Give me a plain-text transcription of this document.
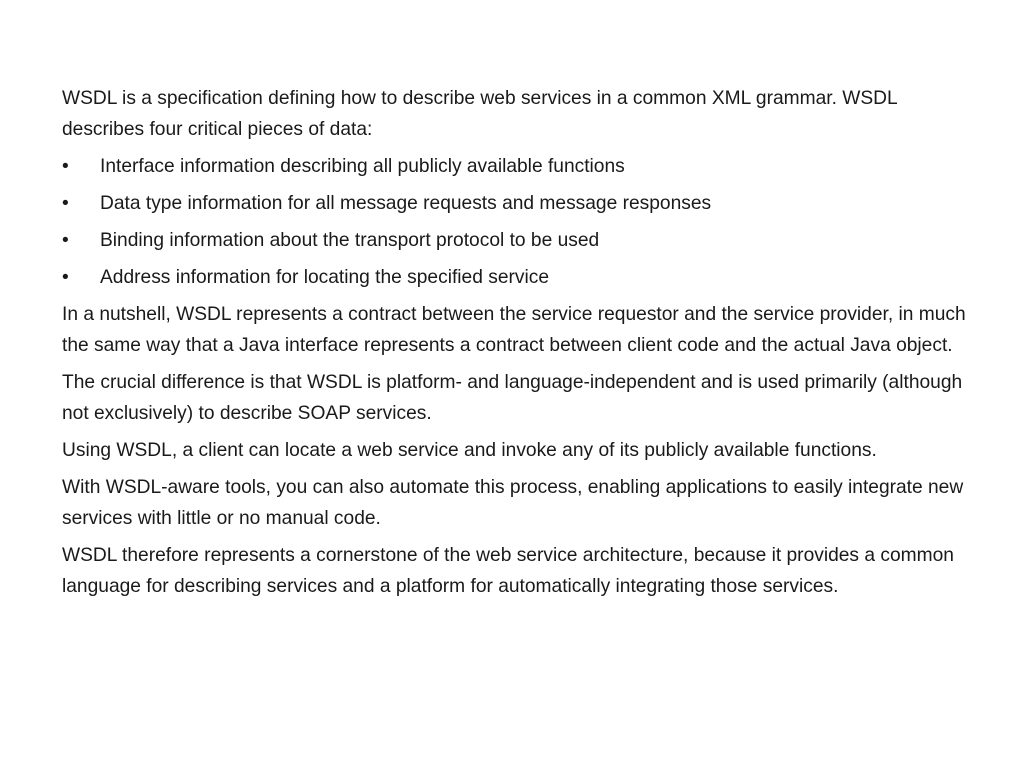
WSDL is a specification defining how to describe web services in a common XML grammar. WSDL describes four critical pieces of data:

•	Interface information describing all publicly available functions
•	Data type information for all message requests and message responses
•	Binding information about the transport protocol to be used
•	Address information for locating the specified service

In a nutshell, WSDL represents a contract between the service requestor and the service provider, in much the same way that a Java interface represents a contract between client code and the actual Java object.

The crucial difference is that WSDL is platform- and language-independent and is used primarily (although not exclusively) to describe SOAP services.

Using WSDL, a client can locate a web service and invoke any of its publicly available functions.

With WSDL-aware tools, you can also automate this process, enabling applications to easily integrate new services with little or no manual code.

WSDL therefore represents a cornerstone of the web service architecture, because it provides a common language for describing services and a platform for automatically integrating those services.
